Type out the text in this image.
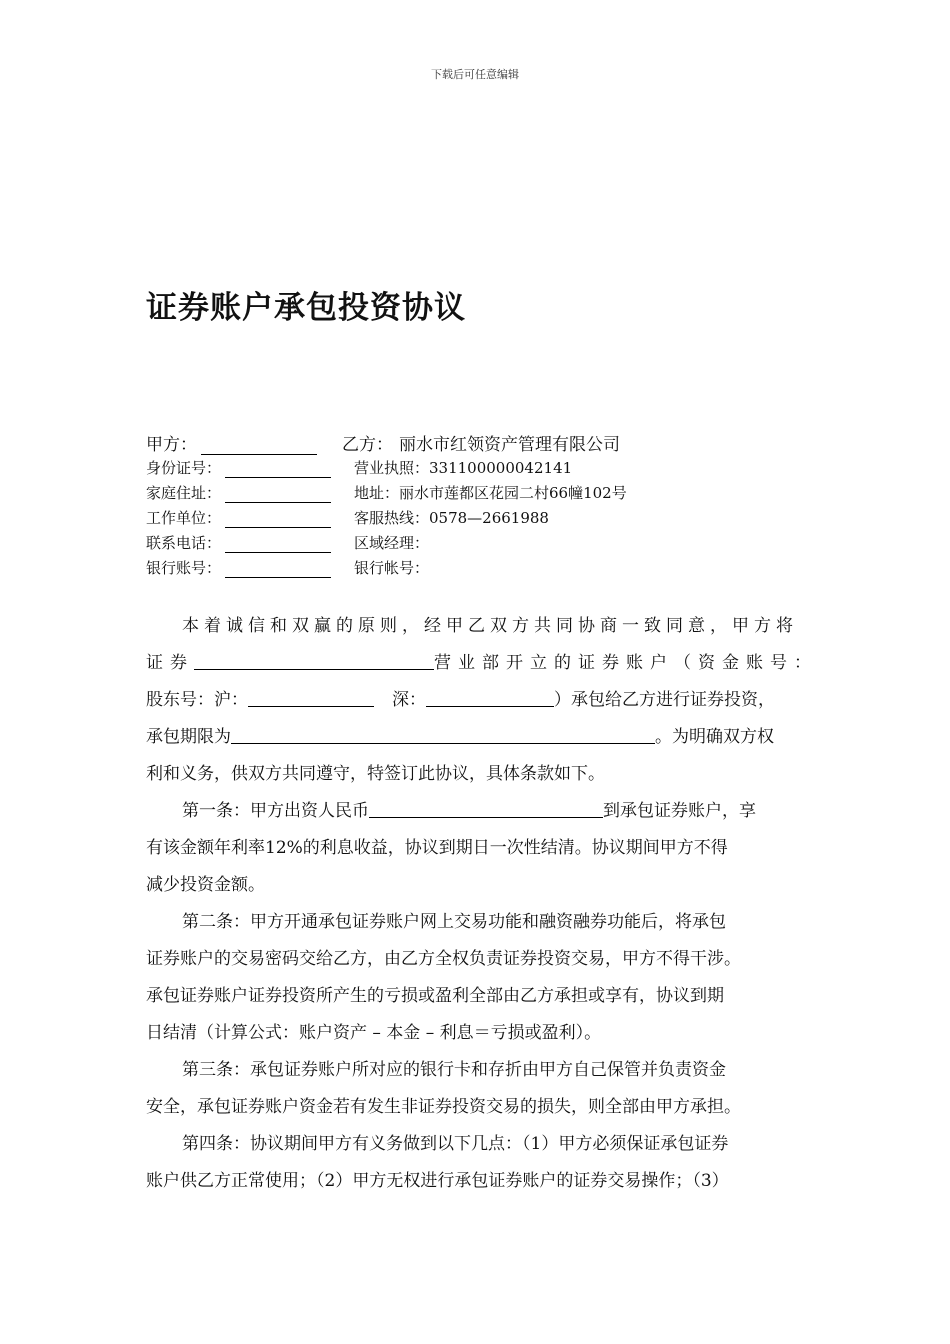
下载后可任意编辑
证券账户承包投资协议
甲方：	乙方： 丽水市红领资产管理有限公司
身份证号：	营业执照：331100000042141
家庭住址：	地址：丽水市莲都区花园二村66幢102号
工作单位：	客服热线：0578—2661988
联系电话：	区域经理：
银行账号：	银行帐号：
本着诚信和双赢的原则，经甲乙双方共同协商一致同意，甲方将
证券	营业部开立的证券账户（资金账号：
股东号：沪：	深：	）承包给乙方进行证券投资，
承包期限为	。为明确双方权
利和义务，供双方共同遵守，特签订此协议，具体条款如下。
第一条：甲方出资人民币	到承包证券账户，享
有该金额年利率12%的利息收益，协议到期日一次性结清。协议期间甲方不得
减少投资金额。
第二条：甲方开通承包证券账户网上交易功能和融资融券功能后，将承包
证券账户的交易密码交给乙方，由乙方全权负责证券投资交易，甲方不得干涉。
承包证券账户证券投资所产生的亏损或盈利全部由乙方承担或享有，协议到期
日结清（计算公式：账户资产 – 本金 – 利息＝亏损或盈利）。
第三条：承包证券账户所对应的银行卡和存折由甲方自己保管并负责资金
安全，承包证券账户资金若有发生非证券投资交易的损失，则全部由甲方承担。
第四条：协议期间甲方有义务做到以下几点：（1）甲方必须保证承包证券
账户供乙方正常使用；（2）甲方无权进行承包证券账户的证券交易操作；（3）
